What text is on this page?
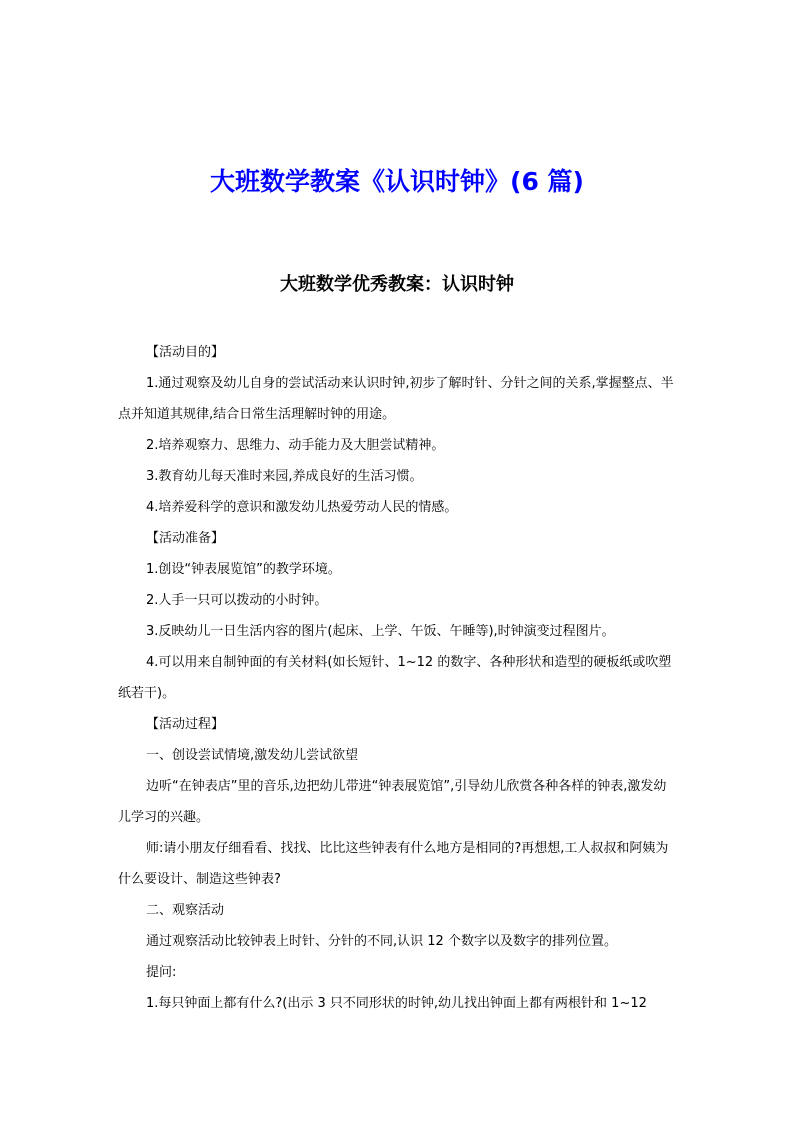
大班数学教案《认识时钟》(6 篇)
大班数学优秀教案：认识时钟

【活动目的】

1.通过观察及幼儿自身的尝试活动来认识时钟,初步了解时针、分针之间的关系,掌握整点、半点并知道其规律,结合日常生活理解时钟的用途。

2.培养观察力、思维力、动手能力及大胆尝试精神。

3.教育幼儿每天准时来园,养成良好的生活习惯。

4.培养爱科学的意识和激发幼儿热爱劳动人民的情感。

【活动准备】

1.创设“钟表展览馆”的教学环境。

2.人手一只可以拨动的小时钟。

3.反映幼儿一日生活内容的图片(起床、上学、午饭、午睡等),时钟演变过程图片。

4.可以用来自制钟面的有关材料(如长短针、1~12 的数字、各种形状和造型的硬板纸或吹塑纸若干)。

【活动过程】

一、创设尝试情境,激发幼儿尝试欲望

边听“在钟表店”里的音乐,边把幼儿带进“钟表展览馆”,引导幼儿欣赏各种各样的钟表,激发幼儿学习的兴趣。

师:请小朋友仔细看看、找找、比比这些钟表有什么地方是相同的?再想想,工人叔叔和阿姨为什么要设计、制造这些钟表?

二、观察活动

通过观察活动比较钟表上时针、分针的不同,认识 12 个数字以及数字的排列位置。

提问:

1.每只钟面上都有什么?(出示 3 只不同形状的时钟,幼儿找出钟面上都有两根针和 1~12
